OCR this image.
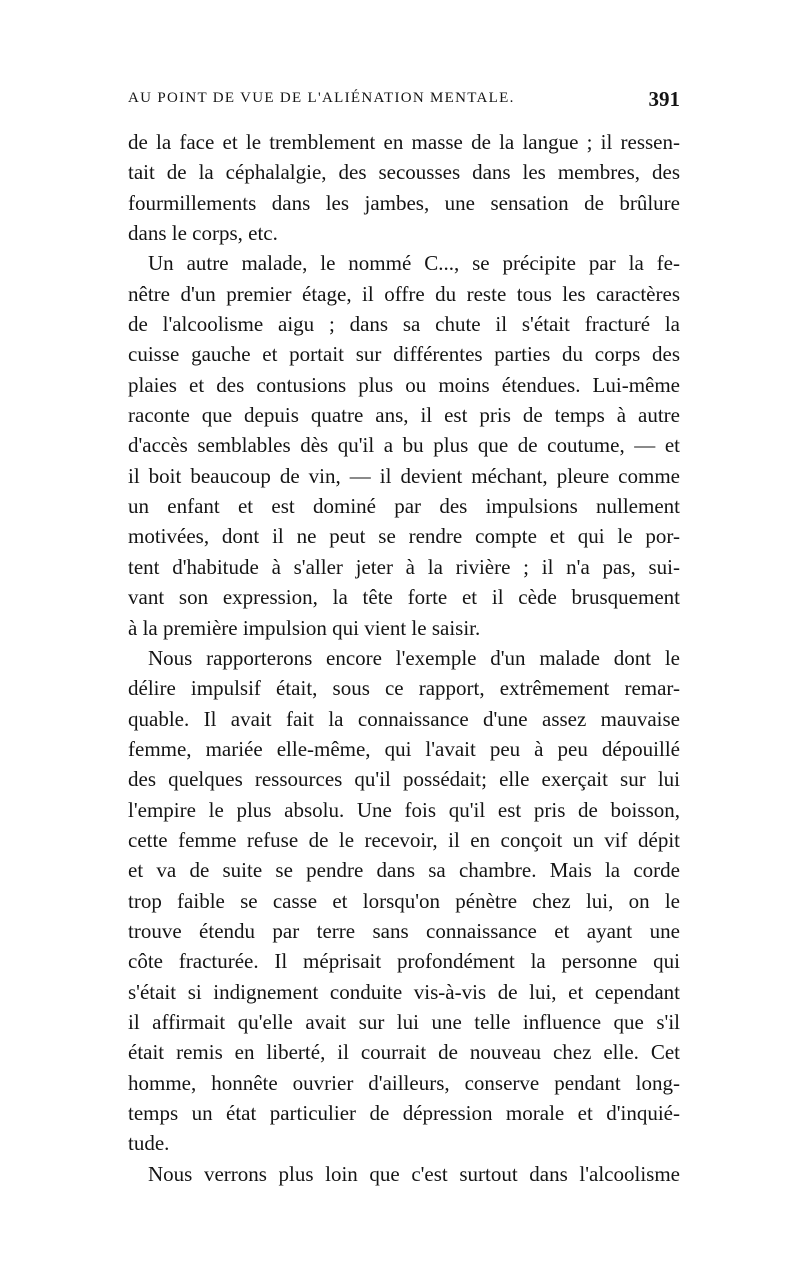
AU POINT DE VUE DE L'ALIÉNATION MENTALE.	391
de la face et le tremblement en masse de la langue ; il ressen-
tait de la céphalalgie, des secousses dans les membres, des
fourmillements dans les jambes, une sensation de brûlure
dans le corps, etc.
Un autre malade, le nommé C..., se précipite par la fe-
nêtre d'un premier étage, il offre du reste tous les caractères
de l'alcoolisme aigu ; dans sa chute il s'était fracturé la
cuisse gauche et portait sur différentes parties du corps des
plaies et des contusions plus ou moins étendues. Lui-même
raconte que depuis quatre ans, il est pris de temps à autre
d'accès semblables dès qu'il a bu plus que de coutume, — et
il boit beaucoup de vin, — il devient méchant, pleure comme
un enfant et est dominé par des impulsions nullement
motivées, dont il ne peut se rendre compte et qui le por-
tent d'habitude à s'aller jeter à la rivière ; il n'a pas, sui-
vant son expression, la tête forte et il cède brusquement
à la première impulsion qui vient le saisir.
Nous rapporterons encore l'exemple d'un malade dont le
délire impulsif était, sous ce rapport, extrêmement remar-
quable. Il avait fait la connaissance d'une assez mauvaise
femme, mariée elle-même, qui l'avait peu à peu dépouillé
des quelques ressources qu'il possédait; elle exerçait sur lui
l'empire le plus absolu. Une fois qu'il est pris de boisson,
cette femme refuse de le recevoir, il en conçoit un vif dépit
et va de suite se pendre dans sa chambre. Mais la corde
trop faible se casse et lorsqu'on pénètre chez lui, on le
trouve étendu par terre sans connaissance et ayant une
côte fracturée. Il méprisait profondément la personne qui
s'était si indignement conduite vis-à-vis de lui, et cependant
il affirmait qu'elle avait sur lui une telle influence que s'il
était remis en liberté, il courrait de nouveau chez elle. Cet
homme, honnête ouvrier d'ailleurs, conserve pendant long-
temps un état particulier de dépression morale et d'inquié-
tude.
Nous verrons plus loin que c'est surtout dans l'alcoolisme
